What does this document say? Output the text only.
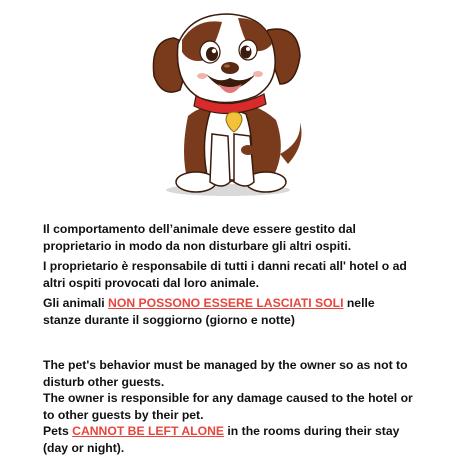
Il comportamento dell’animale deve essere gestito dal proprietario in modo da non disturbare gli altri ospiti.

I proprietario è responsabile di tutti i danni recati all' hotel o ad altri ospiti provocati dal loro animale.

Gli animali NON POSSONO ESSERE LASCIATI SOLI nelle stanze durante il soggiorno (giorno e notte)

The pet's behavior must be managed by the owner so as not to disturb other guests.

The owner is responsible for any damage caused to the hotel or to other guests by their pet.

Pets CANNOT BE LEFT ALONE in the rooms during their stay (day or night).
